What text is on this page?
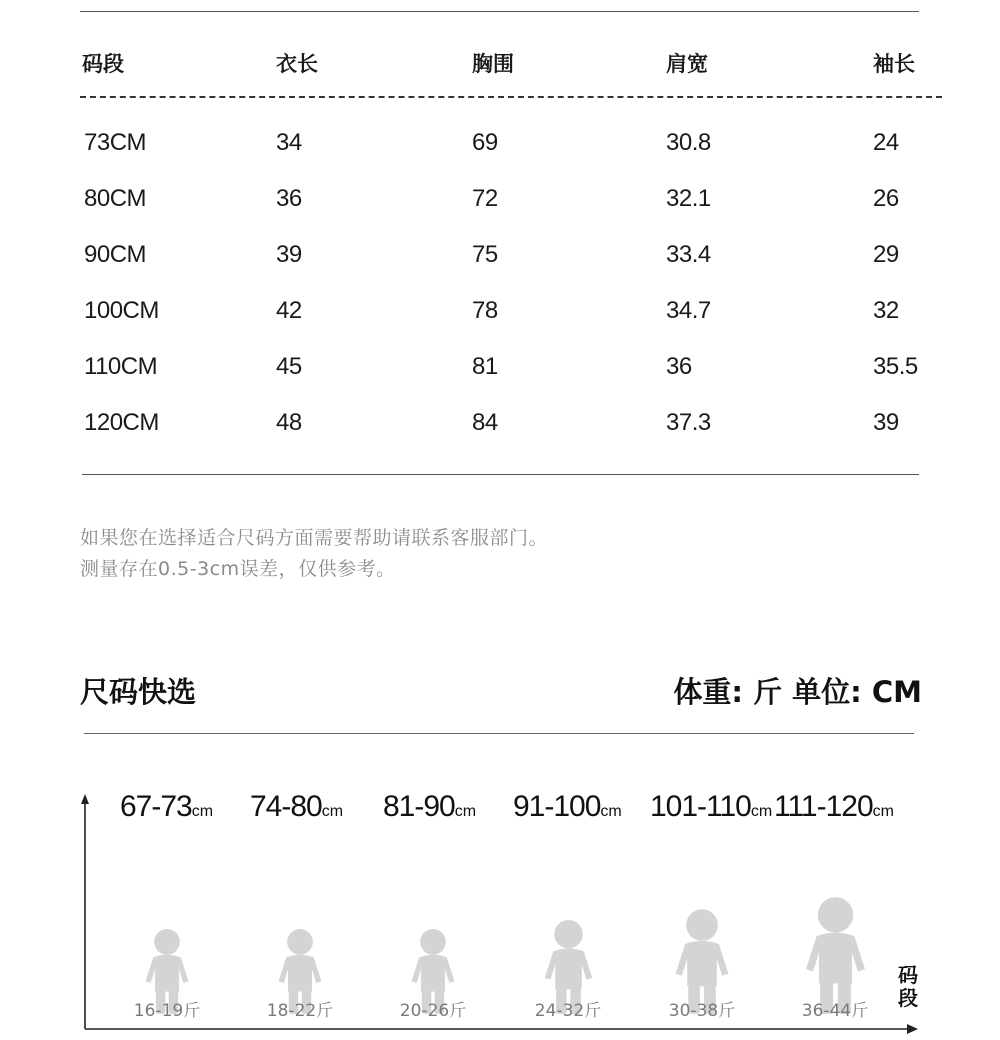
码段	衣长	胸围	肩宽	袖长
73CM	34	69	30.8	24
80CM	36	72	32.1	26
90CM	39	75	33.4	29
100CM	42	78	34.7	32
110CM	45	81	36	35.5
120CM	48	84	37.3	39
如果您在选择适合尺码方面需要帮助请联系客服部门。
测量存在0.5-3cm误差，仅供参考。
尺码快选	体重: 斤 单位: CM
67-73cm 74-80cm 81-90cm 91-100cm 101-110cm 111-120cm
16-19斤	18-22斤	20-26斤	24-32斤	30-38斤	36-44斤
码段
